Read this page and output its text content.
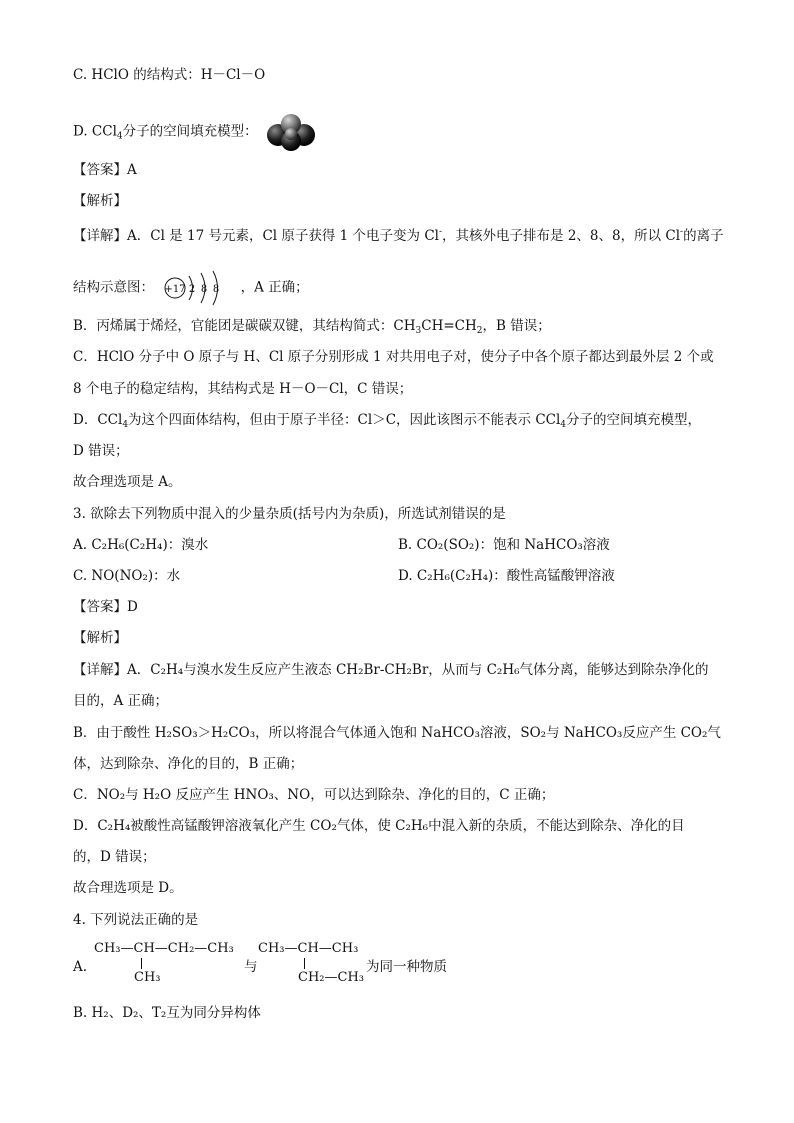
C. HClO 的结构式：H－Cl－O
D. CCl$_4$分子的空间填充模型：
【答案】A
【解析】
【详解】A．Cl 是 17 号元素，Cl 原子获得 1 个电子变为 Cl-，其核外电子排布是 2、8、8，所以 Cl-的离子
结构示意图： +17 2 8 8 ，A 正确；
B．丙烯属于烯烃，官能团是碳碳双键，其结构简式：$CH_3CH=CH_2$，B 错误；
C．HClO 分子中 O 原子与 H、Cl 原子分别形成 1 对共用电子对，使分子中各个原子都达到最外层 2 个或
8 个电子的稳定结构，其结构式是 H－O－Cl，C 错误；
D．CCl$_4$为这个四面体结构，但由于原子半径：Cl＞C，因此该图示不能表示 CCl$_4$分子的空间填充模型，
D 错误；
故合理选项是 A。
3. 欲除去下列物质中混入的少量杂质(括号内为杂质)，所选试剂错误的是
A. C₂H₆(C₂H₄)：溴水	B. CO₂(SO₂)：饱和 NaHCO₃溶液
C. NO(NO₂)：水	D. C₂H₆(C₂H₄)：酸性高锰酸钾溶液
【答案】D
【解析】
【详解】A．C₂H₄与溴水发生反应产生液态 CH₂Br-CH₂Br，从而与 C₂H₆气体分离，能够达到除杂净化的
目的，A 正确；
B．由于酸性 H₂SO₃＞H₂CO₃，所以将混合气体通入饱和 NaHCO₃溶液，SO₂与 NaHCO₃反应产生 CO₂气
体，达到除杂、净化的目的，B 正确；
C．NO₂与 H₂O 反应产生 HNO₃、NO，可以达到除杂、净化的目的，C 正确；
D．C₂H₄被酸性高锰酸钾溶液氧化产生 CO₂气体，使 C₂H₆中混入新的杂质，不能达到除杂、净化的目
的，D 错误；
故合理选项是 D。
4. 下列说法正确的是
A.
CH₃—CH—CH₂—CH₃
CH₃
与
CH₃—CH—CH₃
CH₂—CH₃
为同一种物质
B. H₂、D₂、T₂互为同分异构体
